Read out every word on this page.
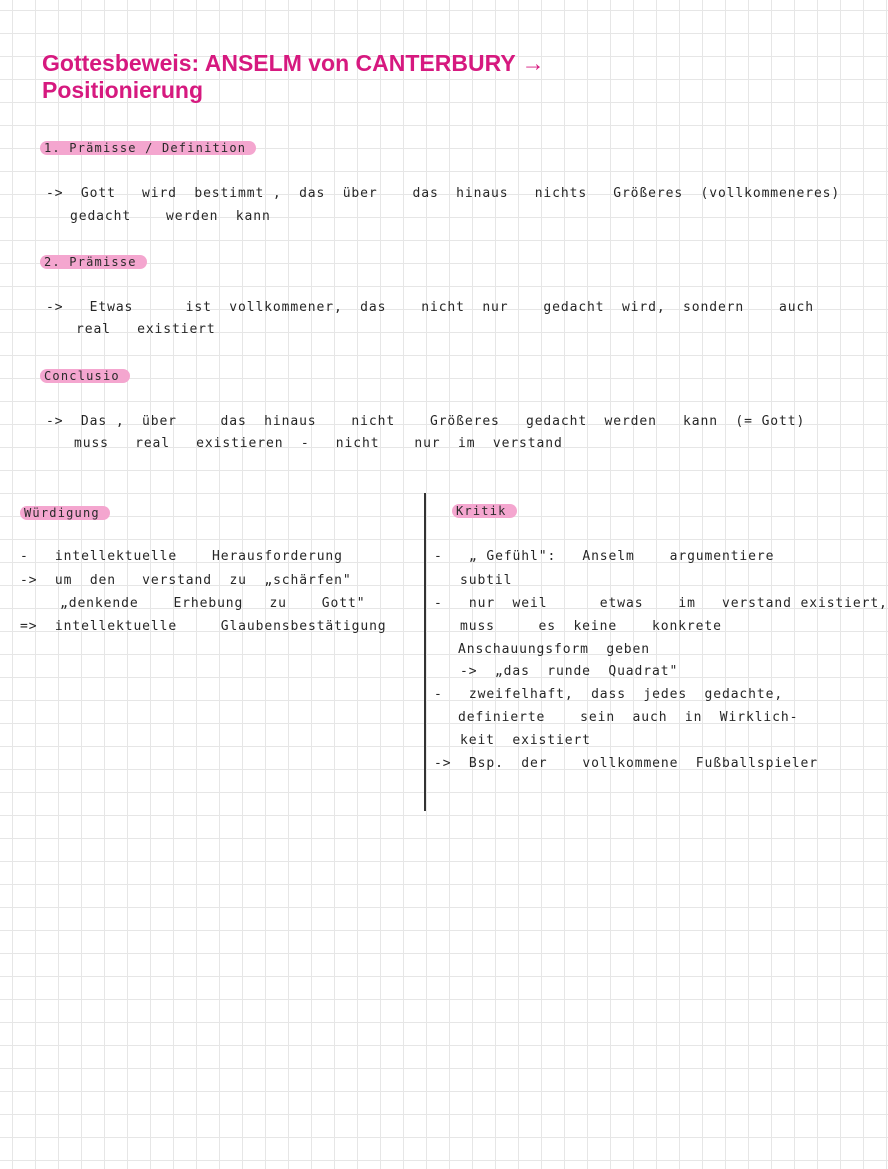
Gottesbeweis: ANSELM von CANTERBURY →
Positionierung
1. Prämisse / Definition
->  Gott   wird  bestimmt ,  das  über    das  hinaus   nichts   Größeres  (vollkommeneres)
gedacht    werden  kann
2. Prämisse
->   Etwas      ist  vollkommener,  das    nicht  nur    gedacht  wird,  sondern    auch
real   existiert
Conclusio
->  Das ,  über     das  hinaus    nicht    Größeres   gedacht  werden   kann  (= Gott)
muss   real   existieren  -   nicht    nur  im  verstand
Würdigung
-   intellektuelle    Herausforderung
->  um  den   verstand  zu  „schärfen"
„denkende    Erhebung   zu    Gott"
=>  intellektuelle     Glaubensbestätigung
Kritik
-   „ Gefühl":   Anselm    argumentiere
subtil
-   nur  weil      etwas    im   verstand existiert,
muss     es  keine    konkrete
Anschauungsform  geben
->  „das  runde  Quadrat"
-   zweifelhaft,  dass  jedes  gedachte,
definierte    sein  auch  in  Wirklich-
keit  existiert
->  Bsp.  der    vollkommene  Fußballspieler
